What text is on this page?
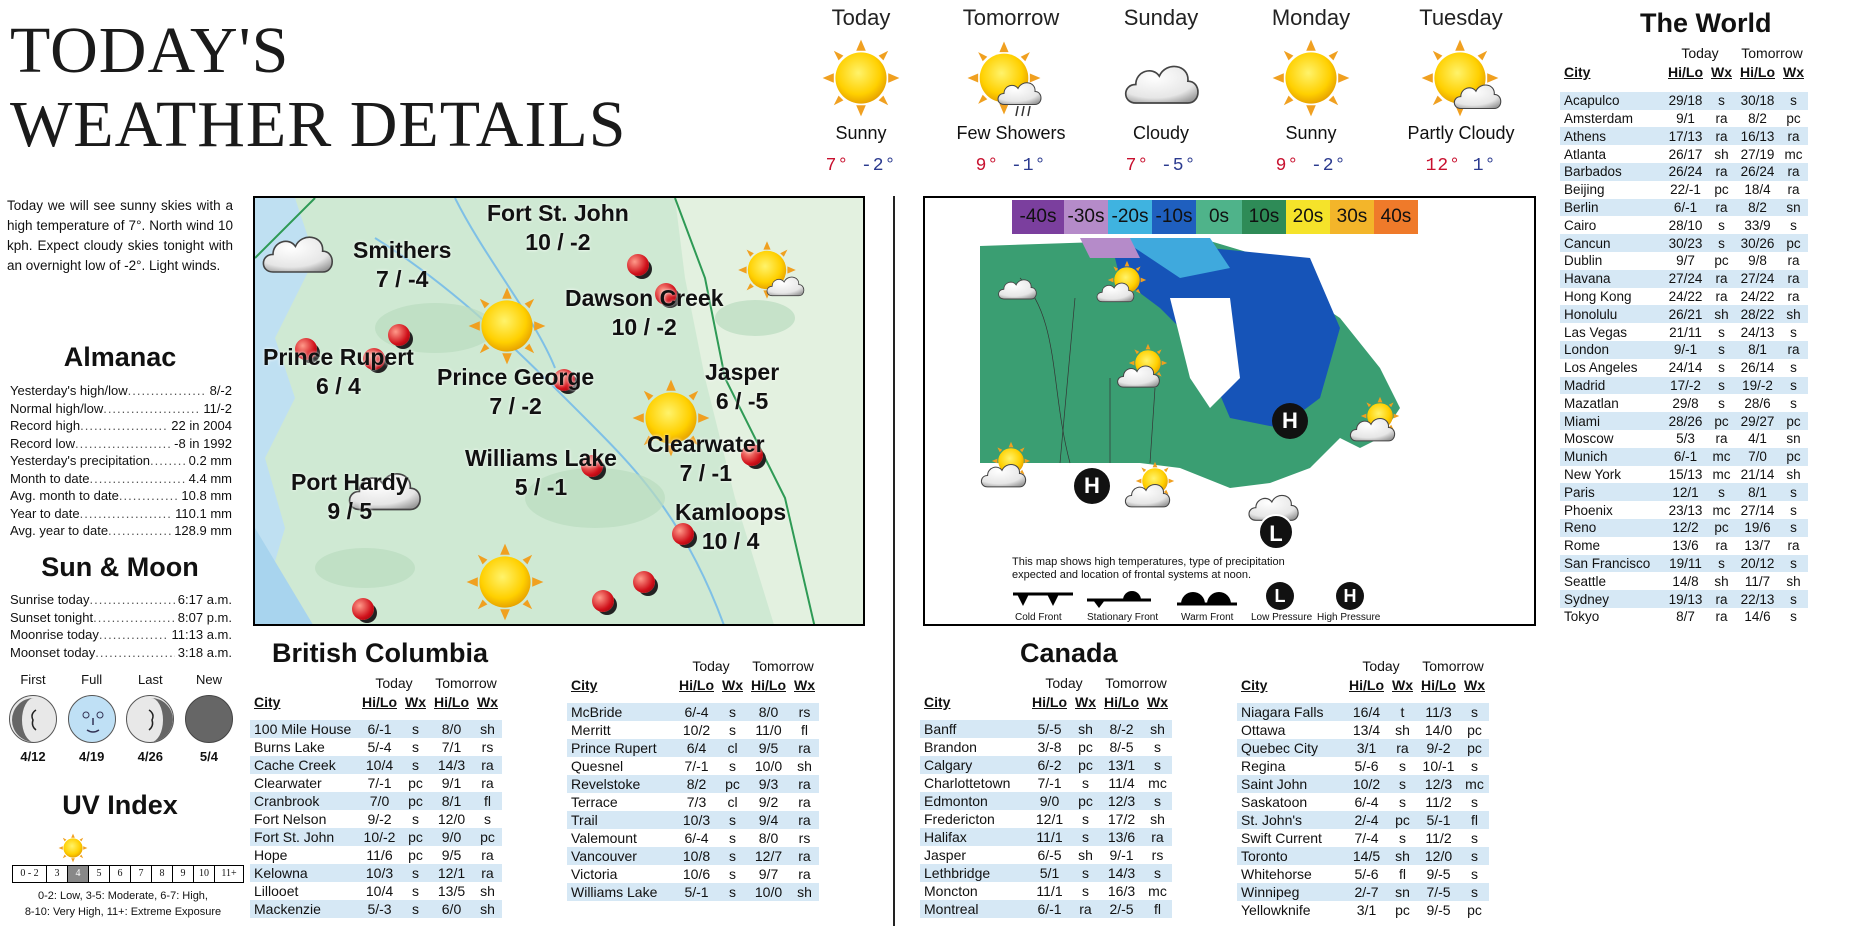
TODAY'S
WEATHER DETAILS
Today we will see sunny skies with a high temperature of 7°. North wind 10 kph. Expect cloudy skies tonight with an overnight low of -2°. Light winds.
Almanac
Yesterday's high/low .....	8/-2
Normal high/low .....	11/-2
Record high .....	22 in 2004
Record low .....	-8 in 1992
Yesterday's precipitation .....	0.2 mm
Month to date .....	4.4 mm
Avg. month to date .....	10.8 mm
Year to date .....	110.1 mm
Avg. year to date .....	128.9 mm
Sun & Moon
Sunrise today .....	6:17 a.m.
Sunset tonight .....	8:07 p.m.
Moonrise today .....	11:13 a.m.
Moonset today .....	3:18 a.m.
First
4/12
Full
4/19
Last
4/26
New
5/4
UV Index
0 - 2	3	4	5	6	7	8	9	10	11+
0-2: Low, 3-5: Moderate, 6-7: High,
8-10: Very High, 11+: Extreme Exposure
Today
Sunny
7° -2°
Tomorrow
Few Showers
9° -1°
Sunday
Cloudy
7° -5°
Monday
Sunny
9° -2°
Tuesday
Partly Cloudy
12° 1°
Fort St. John
10 / -2
Smithers
7 / -4
Dawson Creek
10 / -2
Prince Rupert
6 / 4	Prince George
7 / -2
Jasper
6 / -5
Williams Lake
5 / -1
Clearwater
7 / -1
Port Hardy
9 / 5	Kamloops
10 / 4
-40s -30s -20s -10s 0s	10s 20s 30s 40s
H
H
L
This map shows high temperatures, type of precipitation
expected and location of frontal systems at noon.
Cold Front	Stationary Front Warm Front
L
Low Pressure
H
High Pressure
British Columbia
	Today		Tomorrow	
City	Hi/Lo	Wx	Hi/Lo	Wx

100 Mile House	6/-1	s	8/0	sh
Burns Lake	5/-4	s	7/1	rs
Cache Creek	10/4	s	14/3	ra
Clearwater	7/-1	pc	9/1	ra
Cranbrook	7/0	pc	8/1	fl
Fort Nelson	9/-2	s	12/0	s
Fort St. John	10/-2	pc	9/0	pc
Hope	11/6	pc	9/5	ra
Kelowna	10/3	s	12/1	ra
Lillooet	10/4	s	13/5	sh
Mackenzie	5/-3	s	6/0	sh
	Today		Tomorrow	
City	Hi/Lo	Wx	Hi/Lo	Wx

McBride	6/-4	s	8/0	rs
Merritt	10/2	s	11/0	fl
Prince Rupert	6/4	cl	9/5	ra
Quesnel	7/-1	s	10/0	sh
Revelstoke	8/2	pc	9/3	ra
Terrace	7/3	cl	9/2	ra
Trail	10/3	s	9/4	ra
Valemount	6/-4	s	8/0	rs
Vancouver	10/8	s	12/7	ra
Victoria	10/6	s	9/7	ra
Williams Lake	5/-1	s	10/0	sh
Canada
	Today		Tomorrow	
City	Hi/Lo	Wx	Hi/Lo	Wx

Banff	5/-5	sh	8/-2	sh
Brandon	3/-8	pc	8/-5	s
Calgary	6/-2	pc	13/1	s
Charlottetown	7/-1	s	11/4	mc
Edmonton	9/0	pc	12/3	s
Fredericton	12/1	s	17/2	sh
Halifax	11/1	s	13/6	ra
Jasper	6/-5	sh	9/-1	rs
Lethbridge	5/1	s	14/3	s
Moncton	11/1	s	16/3	mc
Montreal	6/-1	ra	2/-5	fl
	Today		Tomorrow	
City	Hi/Lo	Wx	Hi/Lo	Wx

Niagara Falls	16/4	t	11/3	s
Ottawa	13/4	sh	14/0	pc
Quebec City	3/1	ra	9/-2	pc
Regina	5/-6	s	10/-1	s
Saint John	10/2	s	12/3	mc
Saskatoon	6/-4	s	11/2	s
St. John's	2/-4	pc	5/-1	fl
Swift Current	7/-4	s	11/2	s
Toronto	14/5	sh	12/0	s
Whitehorse	5/-6	fl	9/-5	s
Winnipeg	2/-7	sn	7/-5	s
Yellowknife	3/1	pc	9/-5	pc
The World
	Today		Tomorrow	
City	Hi/Lo	Wx	Hi/Lo	Wx

Acapulco	29/18	s	30/18	s
Amsterdam	9/1	ra	8/2	pc
Athens	17/13	ra	16/13	ra
Atlanta	26/17	sh	27/19	mc
Barbados	26/24	ra	26/24	ra
Beijing	22/-1	pc	18/4	ra
Berlin	6/-1	ra	8/2	sn
Cairo	28/10	s	33/9	s
Cancun	30/23	s	30/26	pc
Dublin	9/7	pc	9/8	ra
Havana	27/24	ra	27/24	ra
Hong Kong	24/22	ra	24/22	ra
Honolulu	26/21	sh	28/22	sh
Las Vegas	21/11	s	24/13	s
London	9/-1	s	8/1	ra
Los Angeles	24/14	s	26/14	s
Madrid	17/-2	s	19/-2	s
Mazatlan	29/8	s	28/6	s
Miami	28/26	pc	29/27	pc
Moscow	5/3	ra	4/1	sn
Munich	6/-1	mc	7/0	pc
New York	15/13	mc	21/14	sh
Paris	12/1	s	8/1	s
Phoenix	23/13	mc	27/14	s
Reno	12/2	pc	19/6	s
Rome	13/6	ra	13/7	ra
San Francisco	19/11	s	20/12	s
Seattle	14/8	sh	11/7	sh
Sydney	19/13	ra	22/13	s
Tokyo	8/7	ra	14/6	s
